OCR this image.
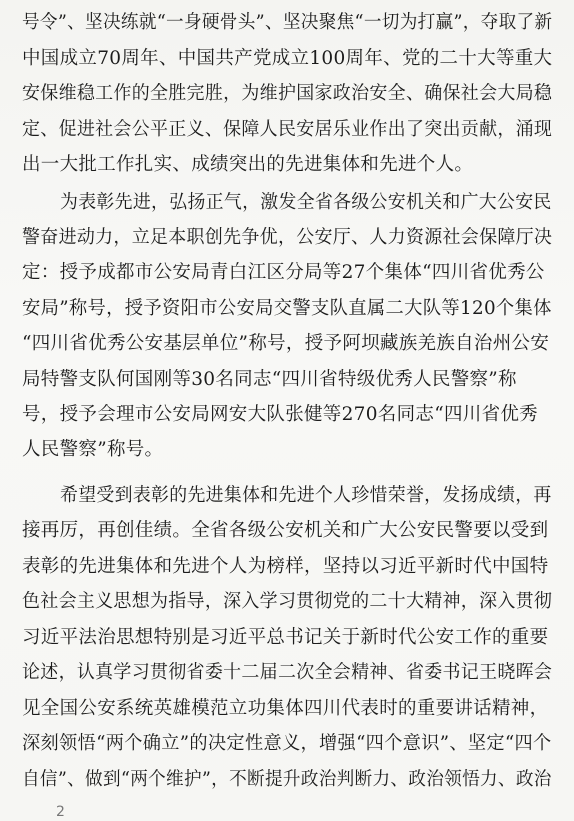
号令”、坚决练就“一身硬骨头”、坚决聚焦“一切为打赢”，夺取了新
中国成立70周年、中国共产党成立100周年、党的二十大等重大
安保维稳工作的全胜完胜，为维护国家政治安全、确保社会大局稳
定、促进社会公平正义、保障人民安居乐业作出了突出贡献，涌现
出一大批工作扎实、成绩突出的先进集体和先进个人。
为表彰先进，弘扬正气，激发全省各级公安机关和广大公安民
警奋进动力，立足本职创先争优，公安厅、人力资源社会保障厅决
定：授予成都市公安局青白江区分局等27个集体“四川省优秀公
安局”称号，授予资阳市公安局交警支队直属二大队等120个集体
“四川省优秀公安基层单位”称号，授予阿坝藏族羌族自治州公安
局特警支队何国刚等30名同志“四川省特级优秀人民警察”称
号，授予会理市公安局网安大队张健等270名同志“四川省优秀
人民警察”称号。
希望受到表彰的先进集体和先进个人珍惜荣誉，发扬成绩，再
接再厉，再创佳绩。全省各级公安机关和广大公安民警要以受到
表彰的先进集体和先进个人为榜样，坚持以习近平新时代中国特
色社会主义思想为指导，深入学习贯彻党的二十大精神，深入贯彻
习近平法治思想特别是习近平总书记关于新时代公安工作的重要
论述，认真学习贯彻省委十二届二次全会精神、省委书记王晓晖会
见全国公安系统英雄模范立功集体四川代表时的重要讲话精神，
深刻领悟“两个确立”的决定性意义，增强“四个意识”、坚定“四个
自信”、做到“两个维护”，不断提升政治判断力、政治领悟力、政治
2
